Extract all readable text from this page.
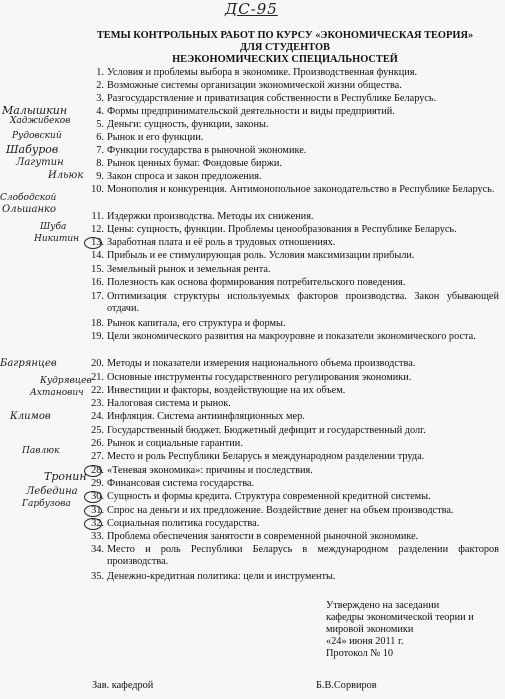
ДС-95
ТЕМЫ КОНТРОЛЬНЫХ РАБОТ ПО КУРСУ «ЭКОНОМИЧЕСКАЯ ТЕОРИЯ»
ДЛЯ СТУДЕНТОВ
НЕЭКОНОМИЧЕСКИХ СПЕЦИАЛЬНОСТЕЙ
1. Условия и проблемы выбора в экономике. Производственная функция.
2. Возможные системы организации экономической жизни общества.
3. Разгосударствление и приватизация собственности в Республике Беларусь.
4. Формы предпринимательской деятельности и виды предприятий.
5. Деньги: сущность, функции, законы.
6. Рынок и его функции.
7. Функции государства в рыночной экономике.
8. Рынок ценных бумаг. Фондовые биржи.
9. Закон спроса и закон предложения.
10. Монополия и конкуренция. Антимонопольное законодательство в Республике Беларусь.
11. Издержки производства. Методы их снижения.
12. Цены: сущность, функции. Проблемы ценообразования в Республике Беларусь.
13. Заработная плата и её роль в трудовых отношениях.
14. Прибыль и ее стимулирующая роль. Условия максимизации прибыли.
15. Земельный рынок и земельная рента.
16. Полезность как основа формирования потребительского поведения.
17. Оптимизация структуры используемых факторов производства. Закон убывающей отдачи.
18. Рынок капитала, его структура и формы.
19. Цели экономического развития на макроуровне и показатели экономического роста.
20. Методы и показатели измерения национального объема производства.
21. Основные инструменты государственного регулирования экономики.
22. Инвестиции и факторы, воздействующие на их объем.
23. Налоговая система и рынок.
24. Инфляция. Система антиинфляционных мер.
25. Государственный бюджет. Бюджетный дефицит и государственный долг.
26. Рынок и социальные гарантии.
27. Место и роль Республики Беларусь в международном разделении труда.
28. «Теневая экономика»: причины и последствия.
29. Финансовая система государства.
30. Сущность и формы кредита. Структура современной кредитной системы.
31. Спрос на деньги и их предложение. Воздействие денег на объем производства.
32. Социальная политика государства.
33. Проблема обеспечения занятости в современной рыночной экономике.
34. Место и роль Республики Беларусь в международном разделении факторов производства.
35. Денежно-кредитная политика: цели и инструменты.
Малышкин
Хаджибеков
Рудовский
Шабуров
Лагутин
Ильюк
Слободской
Ольшанко
Шуба
Никитин
Багрянцев
Кудрявцев
Ахтанович
Климов
Павлюк
Тронин
Лебедина
Гарбузова
Утверждено на заседании
кафедры экономической теории и
мировой экономики
«24» июня 2011 г.
Протокол № 10
Зав. кафедрой	Б.В.Сорвиров
